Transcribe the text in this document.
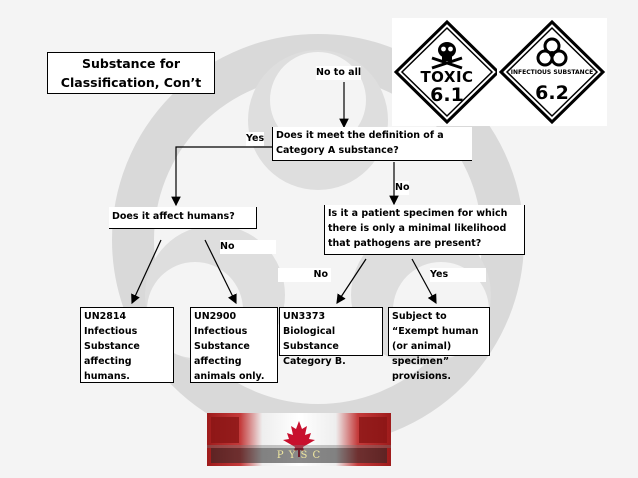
Substance for Classification, Con’t	TOXIC
6.1
INFECTIOUS SUBSTANCE
6.2
No to all
Yes
No
No
No	Yes
Does it meet the definition of a Category A substance?
Does it affect humans?	Is it a patient specimen for which there is only a minimal likelihood that pathogens are present?
UN2814 Infectious Substance affecting humans.
UN2900 Infectious Substance affecting animals only.
UN3373 Biological Substance Category B.
Subject to “Exempt human (or animal) specimen” provisions.
P Y S C
